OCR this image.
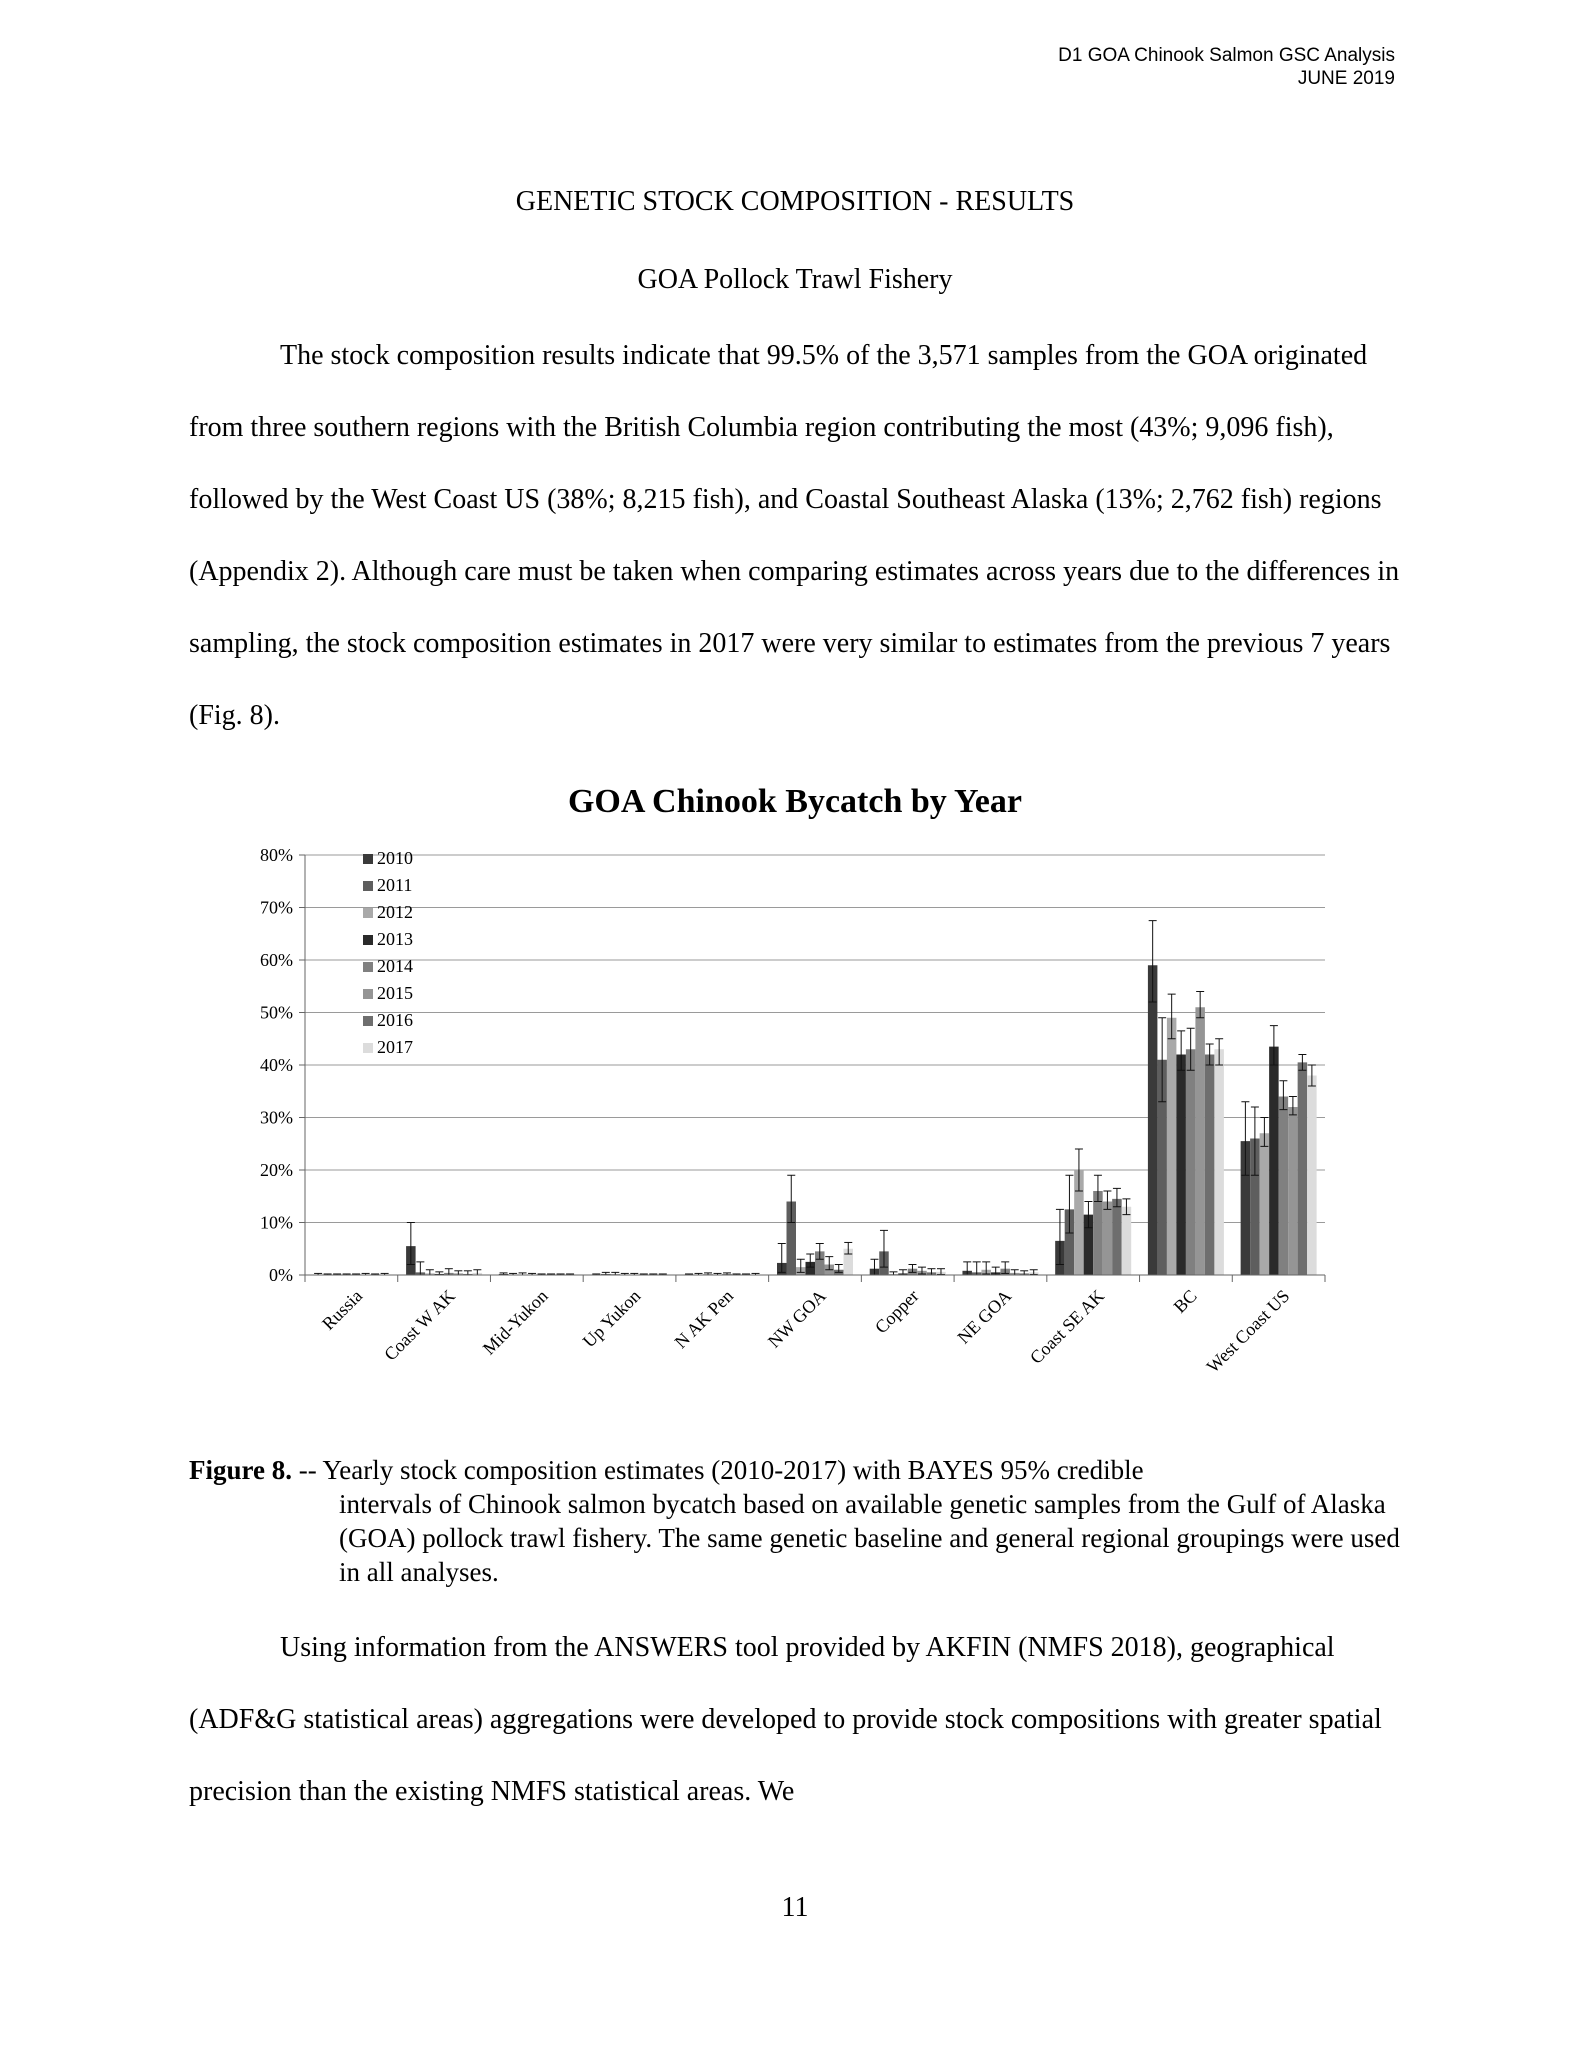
D1 GOA Chinook Salmon GSC Analysis
JUNE 2019
GENETIC STOCK COMPOSITION - RESULTS
GOA Pollock Trawl Fishery

The stock composition results indicate that 99.5% of the 3,571 samples from the GOA originated from three southern regions with the British Columbia region contributing the most (43%; 9,096 fish), followed by the West Coast US (38%; 8,215 fish), and Coastal Southeast Alaska (13%; 2,762 fish) regions (Appendix 2). Although care must be taken when comparing estimates across years due to the differences in sampling, the stock composition estimates in 2017 were very similar to estimates from the previous 7 years (Fig. 8).

GOA Chinook Bycatch by Year
0%
10%
20%
30%
40%
50%
60%
70%
80%
Russia Coast W AK Mid-Yukon Up Yukon N AK Pen NW GOA Copper NE GOA Coast SE AK	BC West Coast US
2010
2011
2012
2013
2014
2015
2016
2017
Figure 8. -- Yearly stock composition estimates (2010-2017) with BAYES 95% credible
intervals of Chinook salmon bycatch based on available genetic samples from the Gulf of Alaska (GOA) pollock trawl fishery. The same genetic baseline and general regional groupings were used in all analyses.

Using information from the ANSWERS tool provided by AKFIN (NMFS 2018), geographical (ADF&G statistical areas) aggregations were developed to provide stock compositions with greater spatial precision than the existing NMFS statistical areas. We

11
